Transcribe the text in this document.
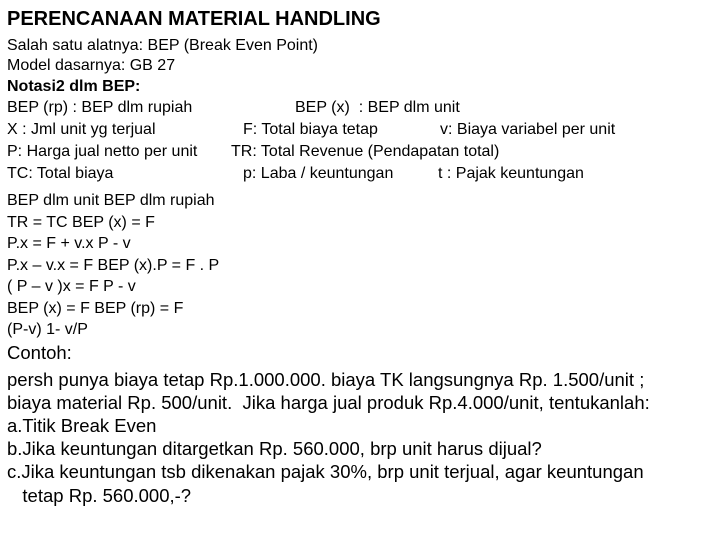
PERENCANAAN MATERIAL HANDLING
Salah satu alatnya: BEP (Break Even Point)
Model dasarnya: GB 27
Notasi2 dlm BEP:
BEP (rp) : BEP dlm rupiah	BEP (x)  : BEP dlm unit
X : Jml unit yg terjual	F: Total biaya tetap	v: Biaya variabel per unit
P: Harga jual netto per unit TR: Total Revenue (Pendapatan total)
TC: Total biaya	p: Laba / keuntungan	t : Pajak keuntungan
BEP dlm unit BEP dlm rupiah
TR = TC BEP (x) = F
P.x = F + v.x P - v
P.x – v.x = F BEP (x).P = F . P
( P – v )x = F P - v
BEP (x) = F BEP (rp) = F
(P-v) 1- v/P
Contoh:
persh punya biaya tetap Rp.1.000.000. biaya TK langsungnya Rp. 1.500/unit ;
biaya material Rp. 500/unit.  Jika harga jual produk Rp.4.000/unit, tentukanlah:
a.Titik Break Even
b.Jika keuntungan ditargetkan Rp. 560.000, brp unit harus dijual?
c.Jika keuntungan tsb dikenakan pajak 30%, brp unit terjual, agar keuntungan
tetap Rp. 560.000,-?
